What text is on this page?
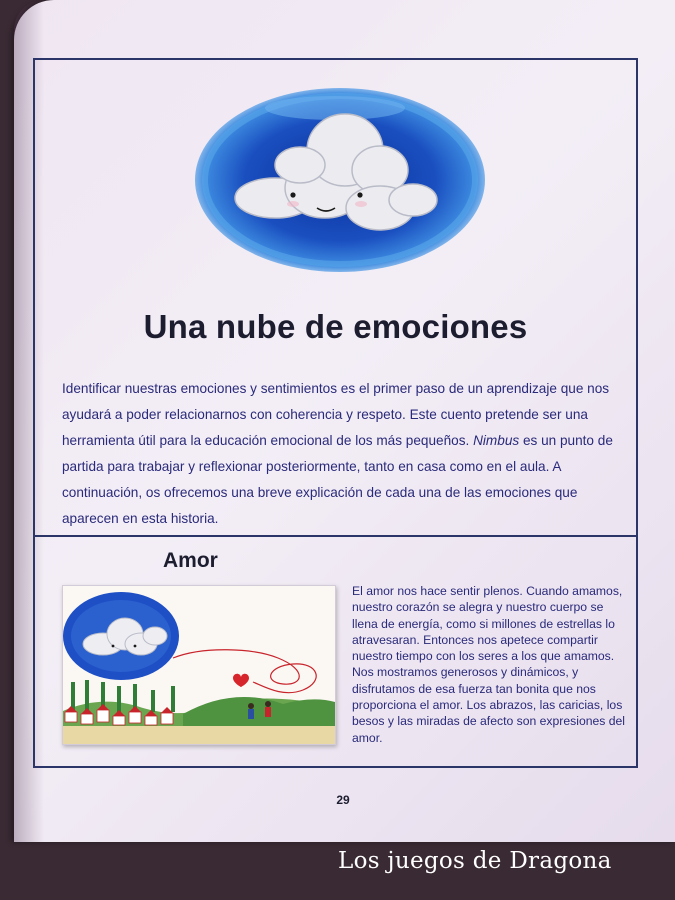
Una nube de emociones
Identificar nuestras emociones y sentimientos es el primer paso de un aprendizaje que nos ayudará a poder relacionarnos con coherencia y respeto. Este cuento pretende ser una herramienta útil para la educación emocional de los más pequeños. Nimbus es un punto de partida para trabajar y reflexionar posteriormente, tanto en casa como en el aula. A continuación, os ofrecemos una breve explicación de cada una de las emociones que aparecen en esta historia.
Amor
El amor nos hace sentir plenos. Cuando amamos, nuestro corazón se alegra y nuestro cuerpo se llena de energía, como si millones de estrellas lo atravesaran. Entonces nos apetece compartir nuestro tiempo con los seres a los que amamos. Nos mostramos generosos y dinámicos, y disfrutamos de esa fuerza tan bonita que nos proporciona el amor. Los abrazos, las caricias, los besos y las miradas de afecto son expresiones del amor.
29
Los juegos de Dragona
